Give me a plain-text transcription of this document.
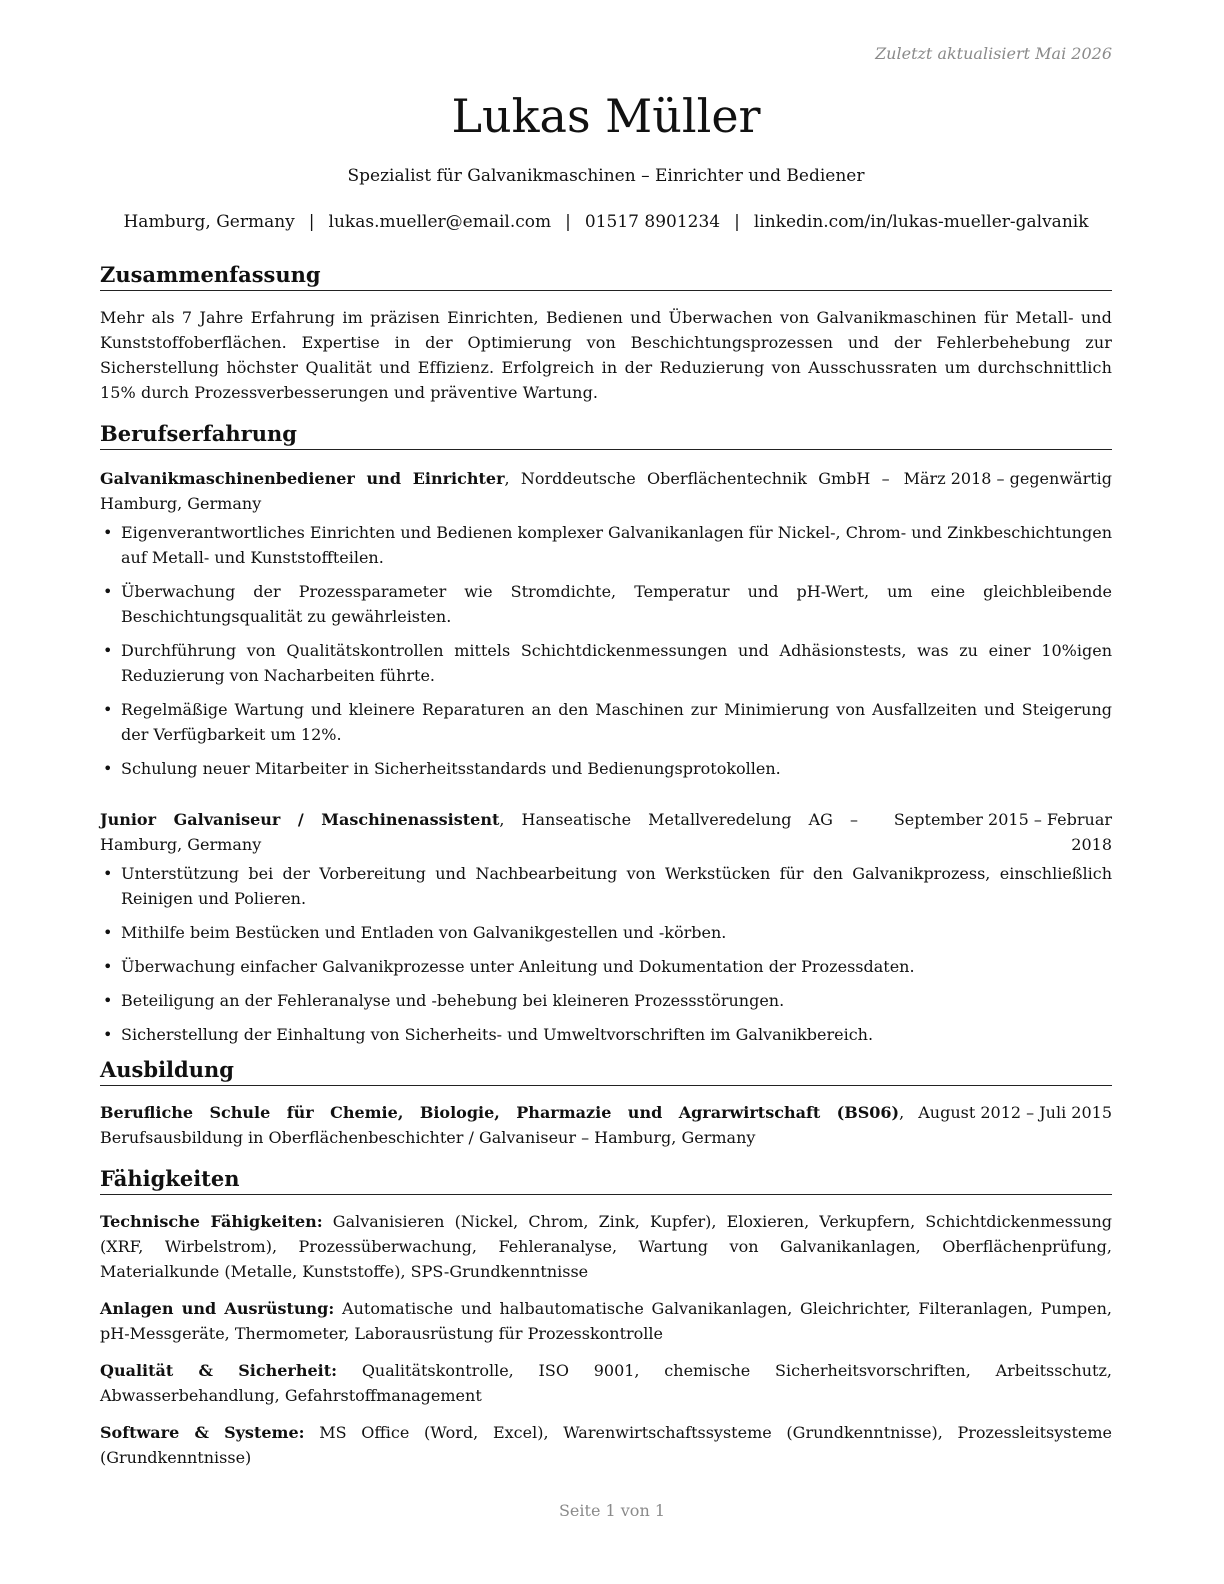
Zuletzt aktualisiert Mai 2026
Lukas Müller
Spezialist für Galvanikmaschinen – Einrichter und Bediener
Hamburg, Germany | lukas.mueller@email.com | 01517 8901234 | linkedin.com/in/lukas-mueller-galvanik
Zusammenfassung
Mehr als 7 Jahre Erfahrung im präzisen Einrichten, Bedienen und Überwachen von Galvanikmaschinen für Metall- und Kunststoffoberflächen. Expertise in der Optimierung von Beschichtungsprozessen und der Fehlerbehebung zur Sicherstellung höchster Qualität und Effizienz. Erfolgreich in der Reduzierung von Ausschussraten um durchschnittlich 15% durch Prozessverbesserungen und präventive Wartung.
Berufserfahrung
Galvanikmaschinenbediener und Einrichter, Norddeutsche Oberflächentechnik GmbH – Hamburg, Germany
März 2018 – gegenwärtig
• Eigenverantwortliches Einrichten und Bedienen komplexer Galvanikanlagen für Nickel-, Chrom- und Zinkbeschichtungen auf Metall- und Kunststoffteilen.
• Überwachung der Prozessparameter wie Stromdichte, Temperatur und pH-Wert, um eine gleichbleibende Beschichtungsqualität zu gewährleisten.
• Durchführung von Qualitätskontrollen mittels Schichtdickenmessungen und Adhäsionstests, was zu einer 10%igen Reduzierung von Nacharbeiten führte.
• Regelmäßige Wartung und kleinere Reparaturen an den Maschinen zur Minimierung von Ausfallzeiten und Steigerung der Verfügbarkeit um 12%.
• Schulung neuer Mitarbeiter in Sicherheitsstandards und Bedienungsprotokollen.
Junior Galvaniseur / Maschinenassistent, Hanseatische Metallveredelung AG – Hamburg, Germany
September 2015 – Februar 2018
• Unterstützung bei der Vorbereitung und Nachbearbeitung von Werkstücken für den Galvanikprozess, einschließlich Reinigen und Polieren.
• Mithilfe beim Bestücken und Entladen von Galvanikgestellen und -körben.
• Überwachung einfacher Galvanikprozesse unter Anleitung und Dokumentation der Prozessdaten.
• Beteiligung an der Fehleranalyse und -behebung bei kleineren Prozessstörungen.
• Sicherstellung der Einhaltung von Sicherheits- und Umweltvorschriften im Galvanikbereich.
Ausbildung
Berufliche Schule für Chemie, Biologie, Pharmazie und Agrarwirtschaft (BS06), Berufsausbildung in Oberflächenbeschichter / Galvaniseur – Hamburg, Germany
August 2012 – Juli 2015
Fähigkeiten
Technische Fähigkeiten: Galvanisieren (Nickel, Chrom, Zink, Kupfer), Eloxieren, Verkupfern, Schichtdickenmessung (XRF, Wirbelstrom), Prozessüberwachung, Fehleranalyse, Wartung von Galvanikanlagen, Oberflächenprüfung, Materialkunde (Metalle, Kunststoffe), SPS-Grundkenntnisse
Anlagen und Ausrüstung: Automatische und halbautomatische Galvanikanlagen, Gleichrichter, Filteranlagen, Pumpen, pH-Messgeräte, Thermometer, Laborausrüstung für Prozesskontrolle
Qualität & Sicherheit: Qualitätskontrolle, ISO 9001, chemische Sicherheitsvorschriften, Arbeitsschutz, Abwasserbehandlung, Gefahrstoffmanagement
Software & Systeme: MS Office (Word, Excel), Warenwirtschaftssysteme (Grundkenntnisse), Prozessleitsysteme (Grundkenntnisse)
Seite 1 von 1
